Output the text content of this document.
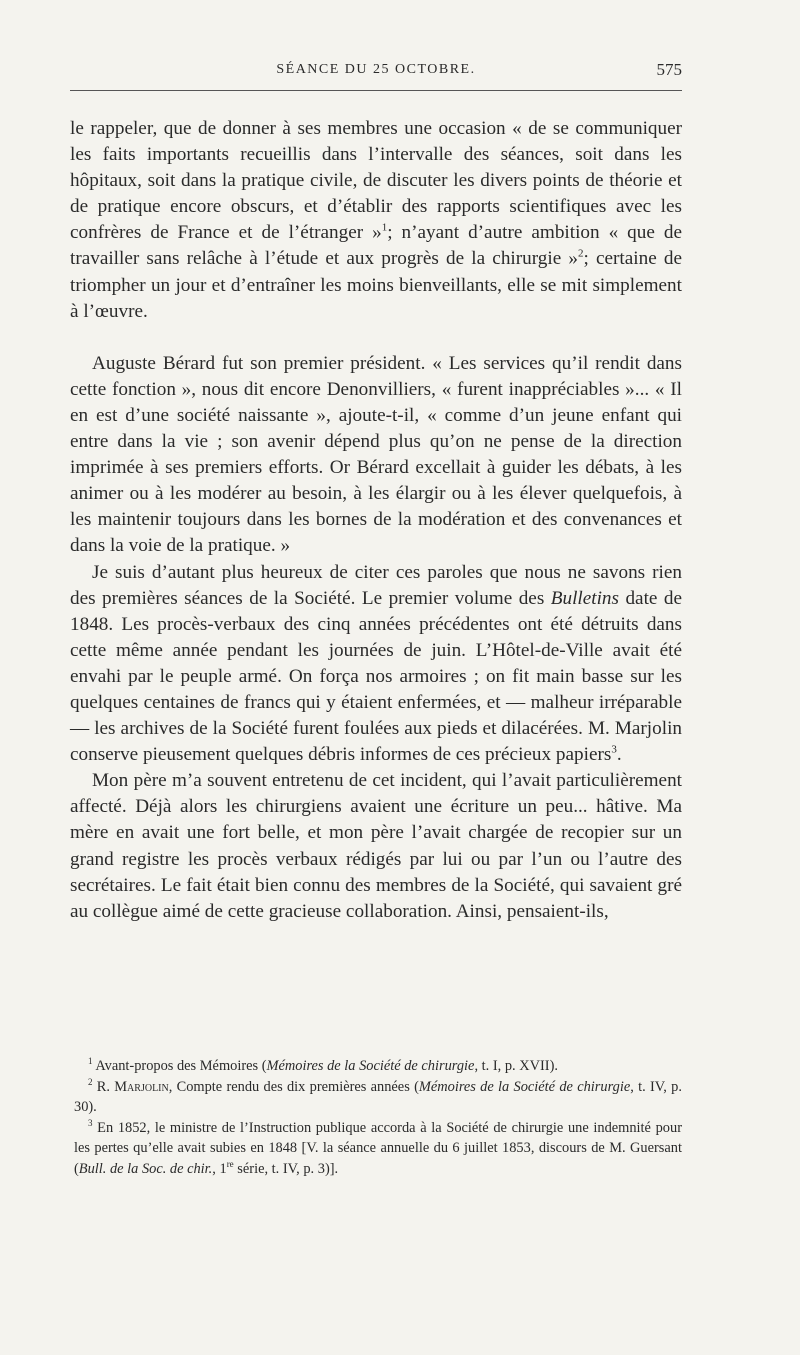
SÉANCE DU 25 OCTOBRE.	575

le rappeler, que de donner à ses membres une occasion « de se communiquer les faits importants recueillis dans l’intervalle des séances, soit dans les hôpitaux, soit dans la pratique civile, de discuter les divers points de théorie et de pratique encore obscurs, et d’établir des rapports scientifiques avec les confrères de France et de l’étranger »$^1$; n’ayant d’autre ambition « que de travailler sans relâche à l’étude et aux progrès de la chirurgie »$^2$; certaine de triompher un jour et d’entraîner les moins bienveillants, elle se mit simplement à l’œuvre.

Auguste Bérard fut son premier président. « Les services qu’il rendit dans cette fonction », nous dit encore Denonvilliers, « furent inappréciables »... « Il en est d’une société naissante », ajoute-t-il, « comme d’un jeune enfant qui entre dans la vie ; son avenir dépend plus qu’on ne pense de la direction imprimée à ses premiers efforts. Or Bérard excellait à guider les débats, à les animer ou à les modérer au besoin, à les élargir ou à les élever quelquefois, à les maintenir toujours dans les bornes de la modération et des convenances et dans la voie de la pratique. »

Je suis d’autant plus heureux de citer ces paroles que nous ne savons rien des premières séances de la Société. Le premier volume des Bulletins date de 1848. Les procès-verbaux des cinq années précédentes ont été détruits dans cette même année pendant les journées de juin. L’Hôtel-de-Ville avait été envahi par le peuple armé. On força nos armoires ; on fit main basse sur les quelques centaines de francs qui y étaient enfermées, et — malheur irréparable — les archives de la Société furent foulées aux pieds et dilacérées. M. Marjolin conserve pieusement quelques débris informes de ces précieux papiers$^3$.

Mon père m’a souvent entretenu de cet incident, qui l’avait particulièrement affecté. Déjà alors les chirurgiens avaient une écriture un peu... hâtive. Ma mère en avait une fort belle, et mon père l’avait chargée de recopier sur un grand registre les procès verbaux rédigés par lui ou par l’un ou l’autre des secrétaires. Le fait était bien connu des membres de la Société, qui savaient gré au collègue aimé de cette gracieuse collaboration. Ainsi, pensaient-ils,

$^1$ Avant-propos des Mémoires (Mémoires de la Société de chirurgie, t. I, p. XVII).

$^2$ R. Marjolin, Compte rendu des dix premières années (Mémoires de la Société de chirurgie, t. IV, p. 30).

$^3$ En 1852, le ministre de l’Instruction publique accorda à la Société de chirurgie une indemnité pour les pertes qu’elle avait subies en 1848 [V. la séance annuelle du 6 juillet 1853, discours de M. Guersant (Bull. de la Soc. de chir., 1re série, t. IV, p. 3)].
